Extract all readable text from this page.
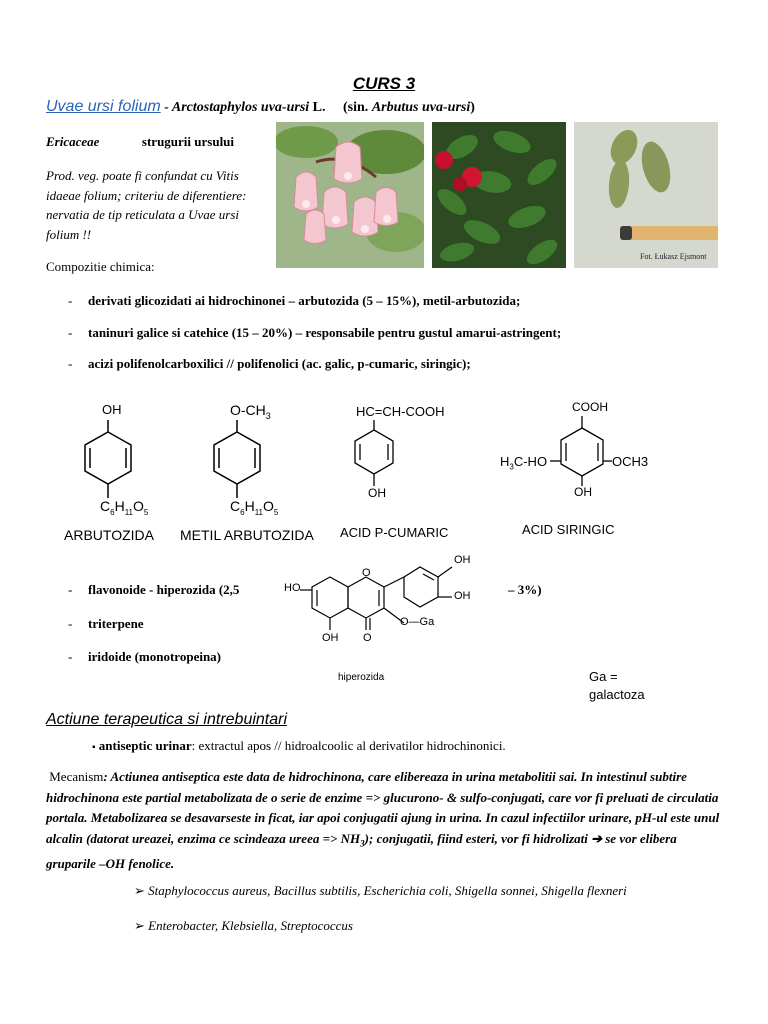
CURS 3
Uvae ursi folium - Arctostaphylos uva-ursi L. (sin. Arbutus uva-ursi)
Ericaceae	strugurii ursului
Prod. veg. poate fi confundat cu Vitis idaeae folium; criteriu de diferentiere: nervatia de tip reticulata a Uvae ursi folium !!
Fot. Łukasz Ejsmont
Compozitie chimica:
- derivati glicozidati ai hidrochinonei – arbutozida (5 – 15%), metil-arbutozida;
- taninuri galice si catehice (15 – 20%) – responsabile pentru gustul amarui-astringent;
- acizi polifenolcarboxilici // polifenolici (ac. galic, p-cumaric, siringic);
OH
$C_6H_{11}O_5$
ARBUTOZIDA
$O-CH_3$
$C_6H_{11}O_5$
METIL ARBUTOZIDA
HC=CH-COOH
OH
ACID P-CUMARIC
COOH
$H_3C-HO$	OCH3
OH
ACID SIRINGIC
- flavonoide - hiperozida (2,5	– 3%)
- triterpene
- iridoide (monotropeina)
HO
O
OH
OH
O—Ga
OH O
hiperozida	Ga = galactoza
Actiune terapeutica si intrebuintari
▪ antiseptic urinar: extractul apos // hidroalcoolic al derivatilor hidrochinonici.
Mecanism: Actiunea antiseptica este data de hidrochinona, care elibereaza in urina metabolitii sai. In intestinul subtire hidrochinona este partial metabolizata de o serie de enzime => glucurono- & sulfo-conjugati, care vor fi preluati de circulatia portala. Metabolizarea se desavarseste in ficat, iar apoi conjugatii ajung in urina. In cazul infectiilor urinare, pH-ul este unul alcalin (datorat ureazei, enzima ce scindeaza ureea => $NH_3$); conjugatii, fiind esteri, vor fi hidrolizati ➔ se vor elibera gruparile –OH fenolice.
➢ Staphylococcus aureus, Bacillus subtilis, Escherichia coli, Shigella sonnei, Shigella flexneri
➢ Enterobacter, Klebsiella, Streptococcus
